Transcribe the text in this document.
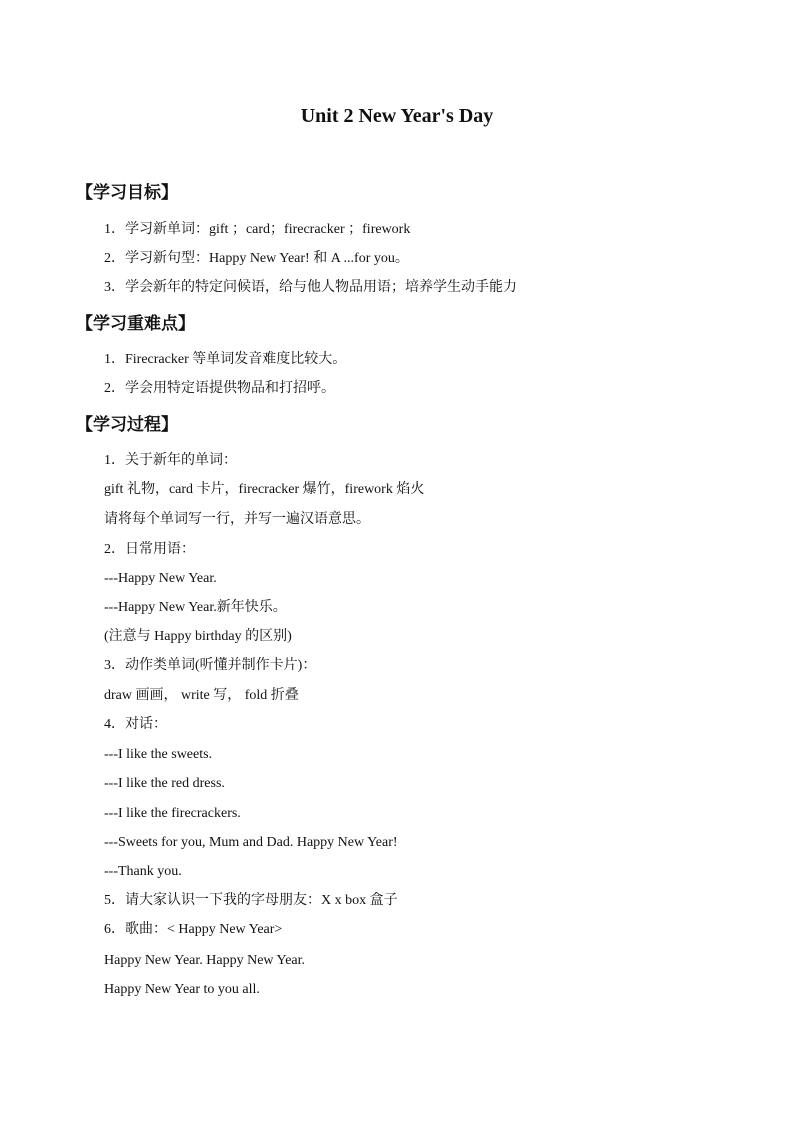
Unit 2 New Year's Day
【学习目标】
1．学习新单词：gift ；card；firecracker ；firework
2．学习新句型：Happy New Year! 和 A ...for you。
3．学会新年的特定问候语，给与他人物品用语；培养学生动手能力
【学习重难点】
1．Firecracker 等单词发音难度比较大。
2．学会用特定语提供物品和打招呼。
【学习过程】
1．关于新年的单词：
gift 礼物，card 卡片，firecracker 爆竹，firework 焰火
请将每个单词写一行，并写一遍汉语意思。
2．日常用语：
---Happy New Year.
---Happy New Year.新年快乐。
(注意与 Happy birthday 的区别)
3．动作类单词(听懂并制作卡片)：
draw 画画， write 写， fold 折叠
4．对话：
---I like the sweets.
---I like the red dress.
---I like the firecrackers.
---Sweets for you, Mum and Dad. Happy New Year!
---Thank you.
5．请大家认识一下我的字母朋友：X x box 盒子
6．歌曲：< Happy New Year>
Happy New Year. Happy New Year.
Happy New Year to you all.
